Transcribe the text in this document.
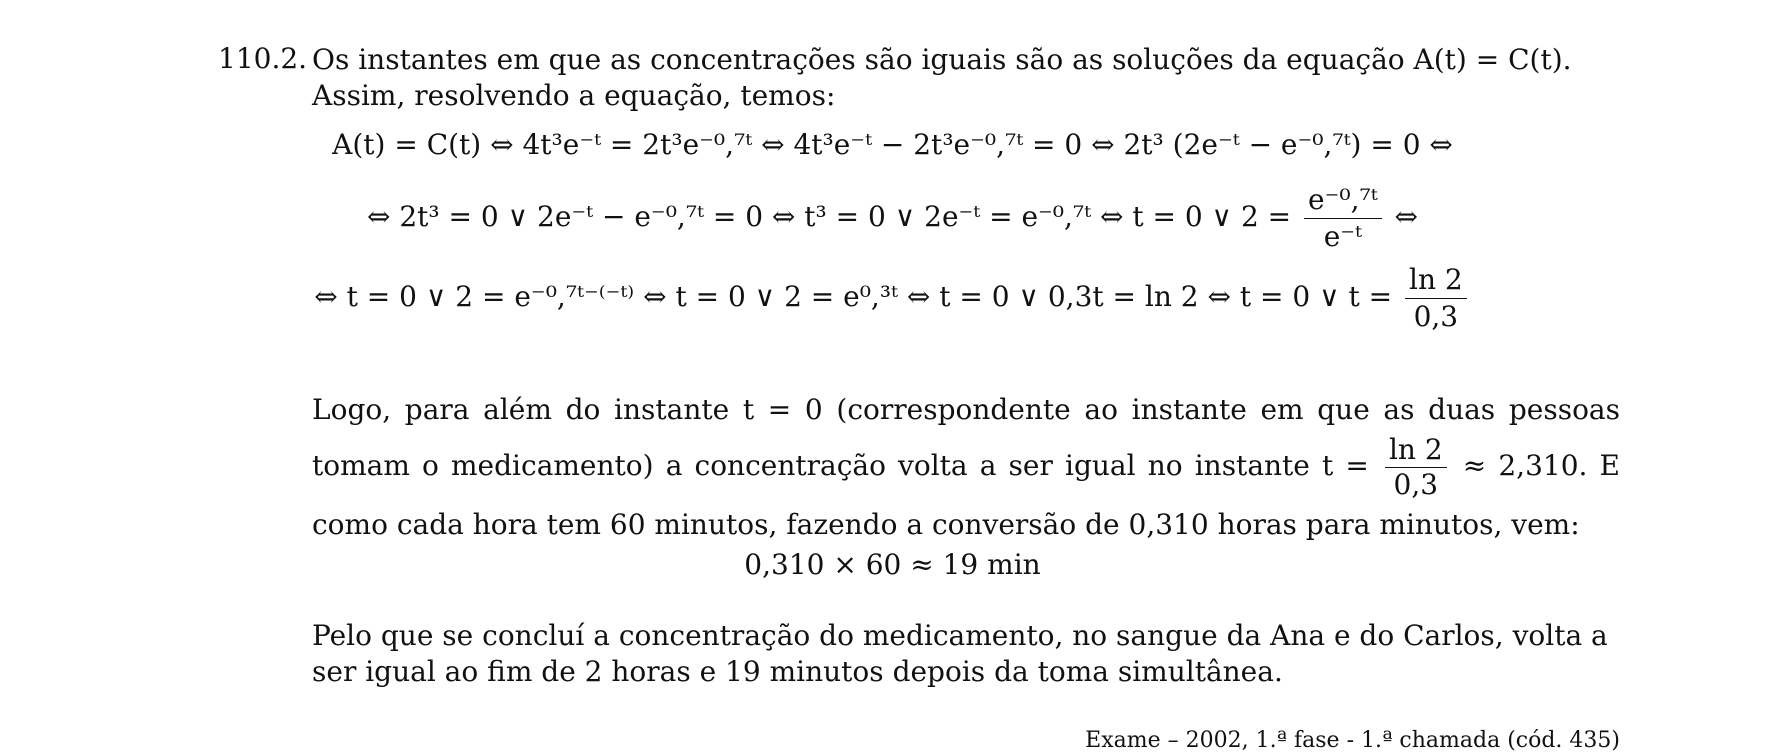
110.2. Os instantes em que as concentrações são iguais são as soluções da equação A(t) = C(t).
Assim, resolvendo a equação, temos:
A(t) = C(t) ⇔ 4t³e⁻ᵗ = 2t³e⁻⁰,⁷ᵗ ⇔ 4t³e⁻ᵗ − 2t³e⁻⁰,⁷ᵗ = 0 ⇔ 2t³ (2e⁻ᵗ − e⁻⁰,⁷ᵗ) = 0 ⇔
⇔ 2t³ = 0 ∨ 2e⁻ᵗ − e⁻⁰,⁷ᵗ = 0 ⇔ t³ = 0 ∨ 2e⁻ᵗ = e⁻⁰,⁷ᵗ ⇔ t = 0 ∨ $2 = \frac{\text{e⁻⁰,⁷ᵗ}}{\text{e⁻ᵗ}}$ ⇔
⇔ t = 0 ∨ 2 = e⁻⁰,⁷ᵗ⁻⁽⁻ᵗ⁾ ⇔ t = 0 ∨ 2 = e⁰,³ᵗ ⇔ t = 0 ∨ 0,3t = ln 2 ⇔ t = 0 ∨ $t = \frac{\ln 2}{0,3}$
Logo, para além do instante t = 0 (correspondente ao instante em que as duas pessoas tomam o medicamento) a concentração volta a ser igual no instante $t = \frac{\ln 2}{0,3} \approx 2,310$. E como cada hora tem 60 minutos, fazendo a conversão de 0,310 horas para minutos, vem:
0,310 × 60 ≈ 19 min
Pelo que se concluí a concentração do medicamento, no sangue da Ana e do Carlos, volta a ser igual ao fim de 2 horas e 19 minutos depois da toma simultânea.
Exame – 2002, 1.ª fase - 1.ª chamada (cód. 435)
